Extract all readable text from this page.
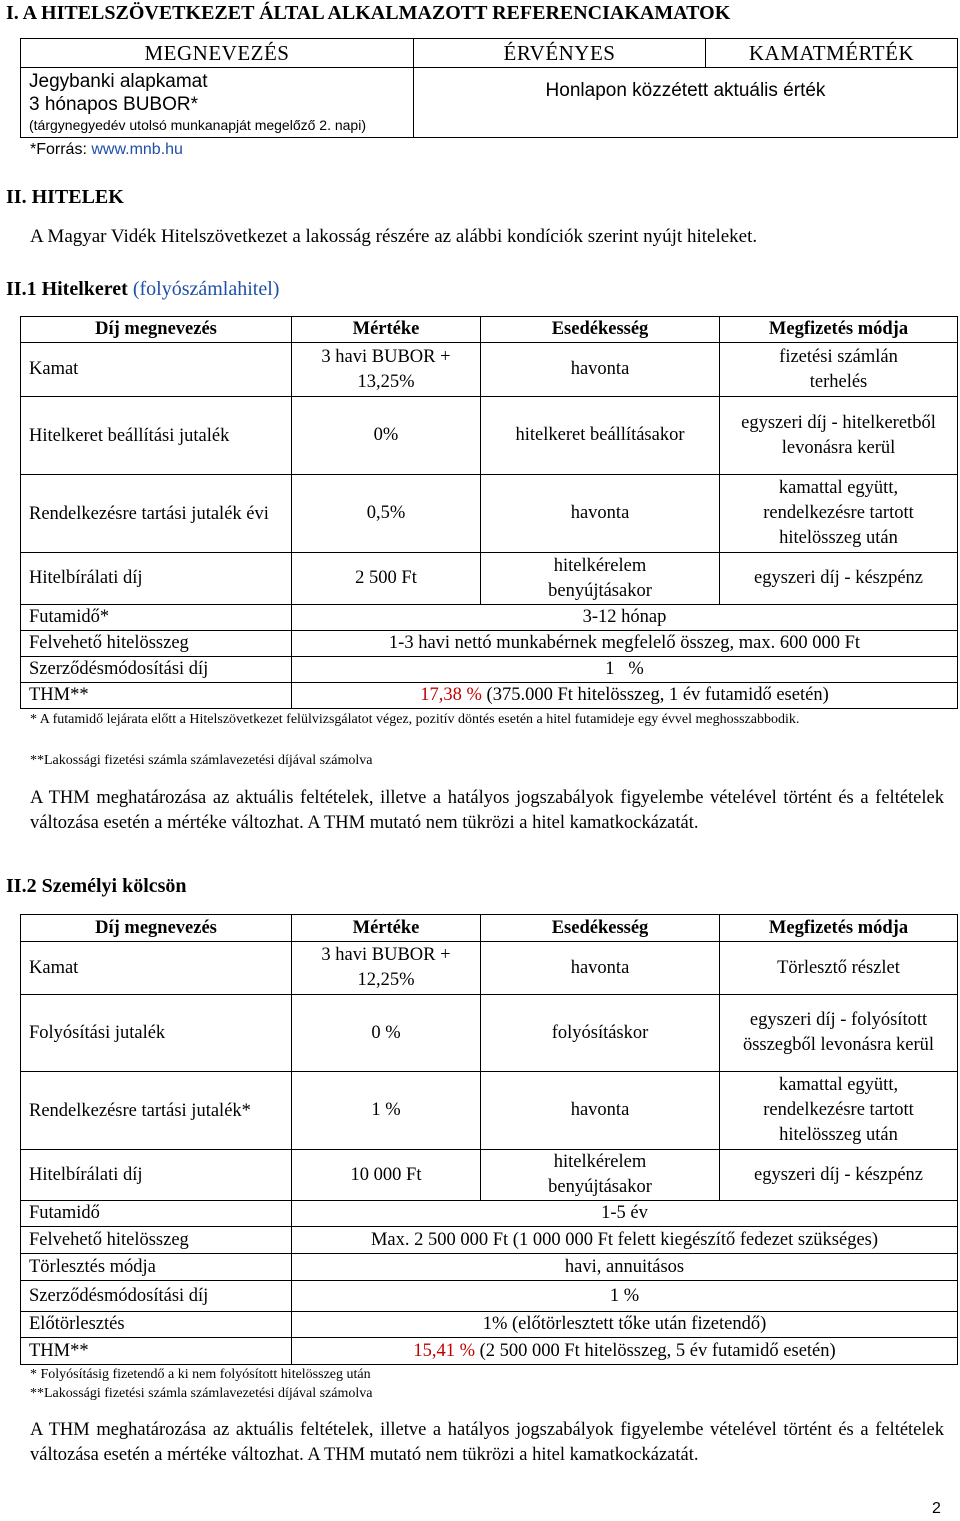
I. A HITELSZÖVETKEZET ÁLTAL ALKALMAZOTT REFERENCIAKAMATOK
MEGNEVEZÉS	ÉRVÉNYES	KAMATMÉRTÉK

Jegybanki alapkamat
3 hónapos BUBOR*
(tárgynegyedév utolsó munkanapját megelőző 2. napi)	Honlapon közzétett aktuális érték	
*Forrás: www.mnb.hu
II. HITELEK
A Magyar Vidék Hitelszövetkezet a lakosság részére az alábbi kondíciók szerint nyújt hiteleket.
II.1 Hitelkeret (folyószámlahitel)
Díj megnevezés	Mértéke	Esedékesség	Megfizetés módja
Kamat	3 havi BUBOR + 13,25%	havonta	fizetési számlán terhelés
Hitelkeret beállítási jutalék	0%	hitelkeret beállításakor	egyszeri díj - hitelkeretből levonásra kerül
Rendelkezésre tartási jutalék évi	0,5%	havonta	kamattal együtt, rendelkezésre tartott hitelösszeg után
Hitelbírálati díj	2 500 Ft	hitelkérelem benyújtásakor	egyszeri díj - készpénz
Futamidő*	3-12 hónap		
Felvehető hitelösszeg	1-3 havi nettó munkabérnek megfelelő összeg, max. 600 000 Ft		
Szerződésmódosítási díj	1   %		
THM**	17,38 % (375.000 Ft hitelösszeg, 1 év futamidő esetén)		
* A futamidő lejárata előtt a Hitelszövetkezet felülvizsgálatot végez, pozitív döntés esetén a hitel futamideje egy évvel meghosszabbodik.
**Lakossági fizetési számla számlavezetési díjával számolva
A THM meghatározása az aktuális feltételek, illetve a hatályos jogszabályok figyelembe vételével történt és a feltételek változása esetén a mértéke változhat. A THM mutató nem tükrözi a hitel kamatkockázatát.
II.2 Személyi kölcsön
Díj megnevezés	Mértéke	Esedékesség	Megfizetés módja
Kamat	3 havi BUBOR + 12,25%	havonta	Törlesztő részlet
Folyósítási jutalék	0 %	folyósításkor	egyszeri díj - folyósított összegből levonásra kerül
Rendelkezésre tartási jutalék*	1 %	havonta	kamattal együtt, rendelkezésre tartott hitelösszeg után
Hitelbírálati díj	10 000 Ft	hitelkérelem benyújtásakor	egyszeri díj - készpénz
Futamidő	1-5 év		
Felvehető hitelösszeg	Max. 2 500 000 Ft (1 000 000 Ft felett kiegészítő fedezet szükséges)		
Törlesztés módja	havi, annuitásos		
Szerződésmódosítási díj	1 %		
Előtörlesztés	1% (előtörlesztett tőke után fizetendő)		
THM**	15,41 % (2 500 000 Ft hitelösszeg, 5 év futamidő esetén)		
* Folyósításig fizetendő a ki nem folyósított hitelösszeg után
**Lakossági fizetési számla számlavezetési díjával számolva
A THM meghatározása az aktuális feltételek, illetve a hatályos jogszabályok figyelembe vételével történt és a feltételek változása esetén a mértéke változhat. A THM mutató nem tükrözi a hitel kamatkockázatát.
2
